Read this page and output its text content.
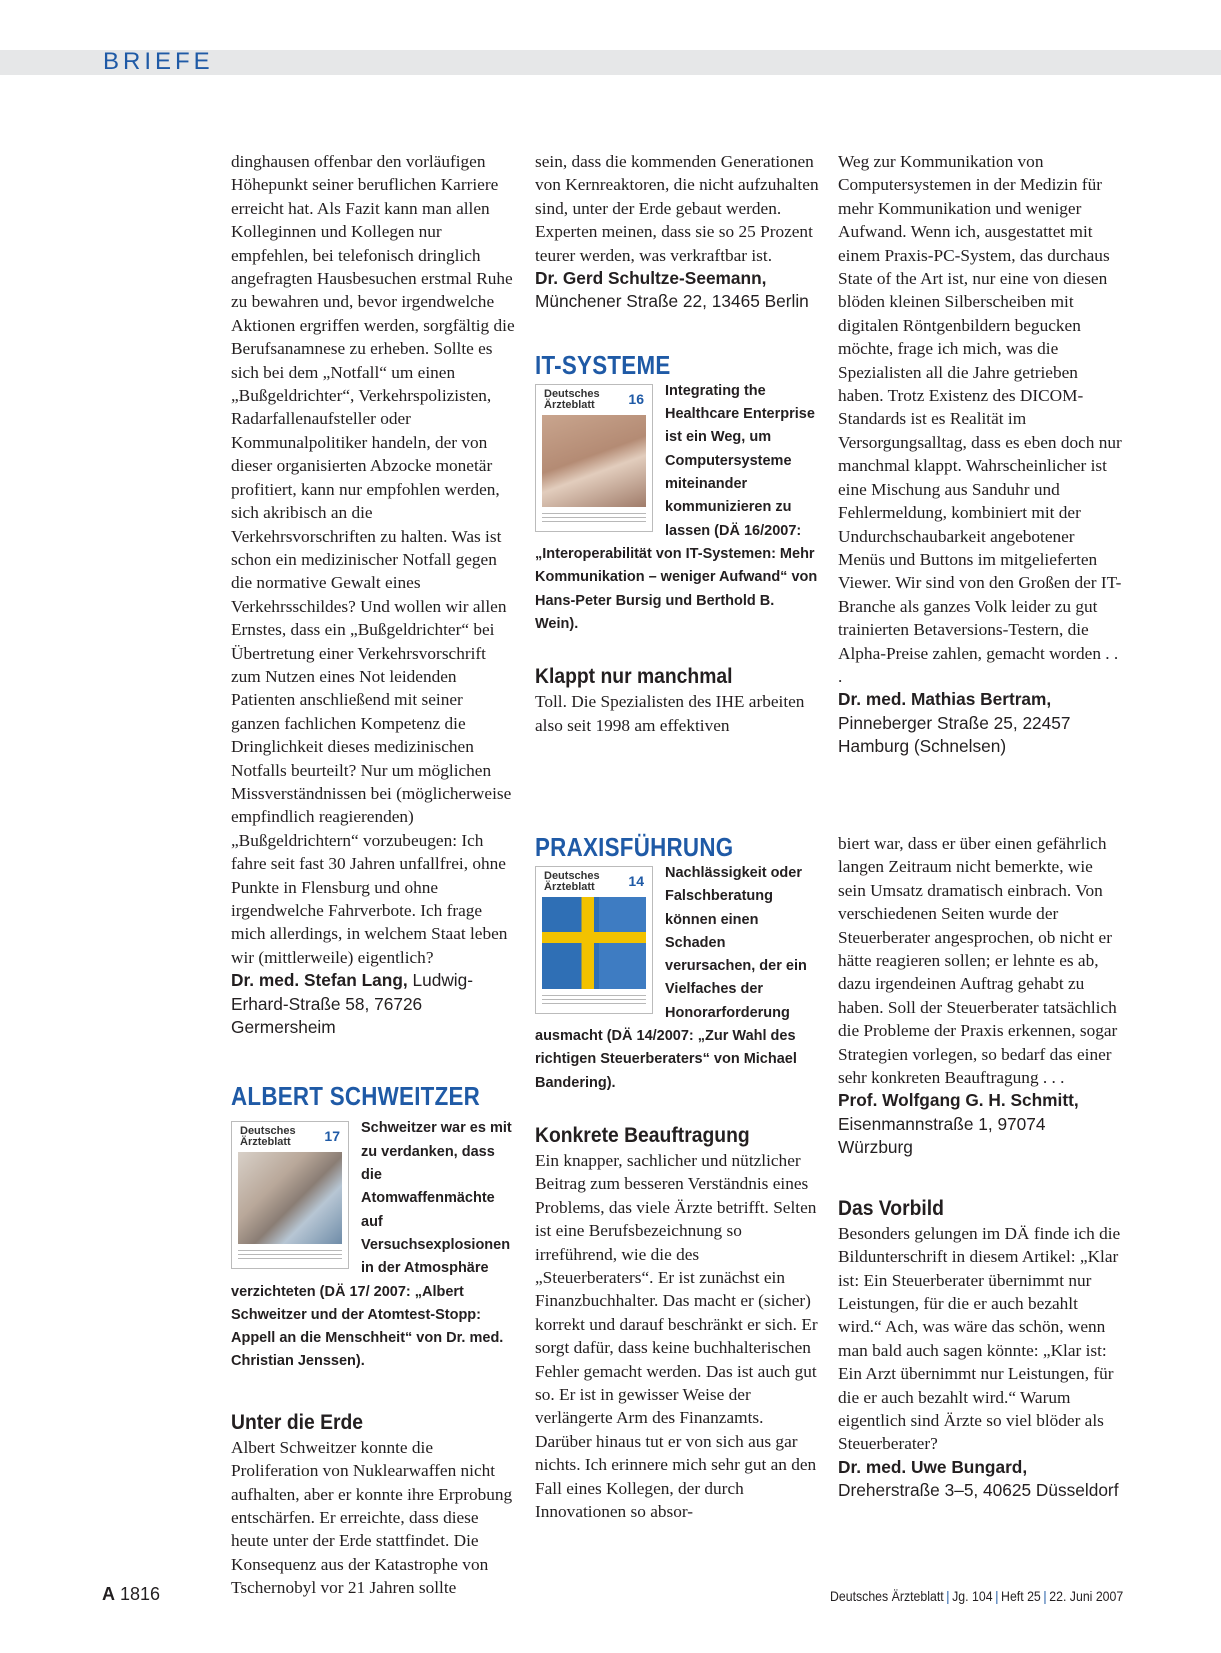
BRIEFE

dinghausen offenbar den vorläufigen Höhepunkt seiner beruflichen Karriere erreicht hat. Als Fazit kann man allen Kolleginnen und Kollegen nur empfehlen, bei telefonisch dringlich angefragten Hausbesuchen erstmal Ruhe zu bewahren und, bevor irgendwelche Aktionen ergriffen werden, sorgfältig die Berufsanamnese zu erheben. Sollte es sich bei dem „Notfall“ um einen „Bußgeldrichter“, Verkehrspolizisten, Radarfallenaufsteller oder Kommunalpolitiker handeln, der von dieser organisierten Abzocke monetär profitiert, kann nur empfohlen werden, sich akribisch an die Verkehrsvorschriften zu halten. Was ist schon ein medizinischer Notfall gegen die normative Gewalt eines Verkehrsschildes? Und wollen wir allen Ernstes, dass ein „Bußgeldrichter“ bei Übertretung einer Verkehrsvorschrift zum Nutzen eines Not leidenden Patienten anschließend mit seiner ganzen fachlichen Kompetenz die Dringlichkeit dieses medizinischen Notfalls beurteilt? Nur um möglichen Missverständnissen bei (möglicherweise empfindlich reagierenden) „Bußgeldrichtern“ vorzubeugen: Ich fahre seit fast 30 Jahren unfallfrei, ohne Punkte in Flensburg und ohne irgendwelche Fahrverbote. Ich frage mich allerdings, in welchem Staat leben wir (mittlerweile) eigentlich?

Dr. med. Stefan Lang, Ludwig-Erhard-Straße 58, 76726 Germersheim

ALBERT SCHWEITZER
Deutsches
Ärzteblatt	17	Schweitzer war es mit zu verdanken, dass die Atomwaffenmächte auf Versuchsexplosionen in der Atmosphäre verzichteten (DÄ 17/ 2007: „Albert Schweitzer und der Atomtest-Stopp: Appell an die Menschheit“ von Dr. med. Christian Jenssen).
Unter die Erde

Albert Schweitzer konnte die Proliferation von Nuklearwaffen nicht aufhalten, aber er konnte ihre Erprobung entschärfen. Er erreichte, dass diese heute unter der Erde stattfindet. Die Konsequenz aus der Katastrophe von Tschernobyl vor 21 Jahren sollte

sein, dass die kommenden Generationen von Kernreaktoren, die nicht aufzuhalten sind, unter der Erde gebaut werden. Experten meinen, dass sie so 25 Prozent teurer werden, was verkraftbar ist.

Dr. Gerd Schultze-Seemann, Münchener Straße 22, 13465 Berlin

IT-SYSTEME
Deutsches
Ärzteblatt	16	Integrating the Healthcare Enterprise ist ein Weg, um Computersysteme miteinander kommunizieren zu lassen (DÄ 16/2007: „Interoperabilität von IT-Systemen: Mehr Kommunikation – weniger Aufwand“ von Hans-Peter Bursig und Berthold B. Wein).
Klappt nur manchmal

Toll. Die Spezialisten des IHE arbeiten also seit 1998 am effektiven

PRAXISFÜHRUNG
Deutsches
Ärzteblatt	14	Nachlässigkeit oder Falschberatung können einen Schaden verursachen, der ein Vielfaches der Honorarforderung ausmacht (DÄ 14/2007: „Zur Wahl des richtigen Steuerberaters“ von Michael Bandering).
Konkrete Beauftragung

Ein knapper, sachlicher und nützlicher Beitrag zum besseren Verständnis eines Problems, das viele Ärzte betrifft. Selten ist eine Berufsbezeichnung so irreführend, wie die des „Steuerberaters“. Er ist zunächst ein Finanzbuchhalter. Das macht er (sicher) korrekt und darauf beschränkt er sich. Er sorgt dafür, dass keine buchhalterischen Fehler gemacht werden. Das ist auch gut so. Er ist in gewisser Weise der verlängerte Arm des Finanzamts. Darüber hinaus tut er von sich aus gar nichts. Ich erinnere mich sehr gut an den Fall eines Kollegen, der durch Innovationen so absor-

Weg zur Kommunikation von Computersystemen in der Medizin für mehr Kommunikation und weniger Aufwand. Wenn ich, ausgestattet mit einem Praxis-PC-System, das durchaus State of the Art ist, nur eine von diesen blöden kleinen Silberscheiben mit digitalen Röntgenbildern begucken möchte, frage ich mich, was die Spezialisten all die Jahre getrieben haben. Trotz Existenz des DICOM-Standards ist es Realität im Versorgungsalltag, dass es eben doch nur manchmal klappt. Wahrscheinlicher ist eine Mischung aus Sanduhr und Fehlermeldung, kombiniert mit der Undurchschaubarkeit angebotener Menüs und Buttons im mitgelieferten Viewer. Wir sind von den Großen der IT-Branche als ganzes Volk leider zu gut trainierten Betaversions-Testern, die Alpha-Preise zahlen, gemacht worden . . .

Dr. med. Mathias Bertram, Pinneberger Straße 25, 22457 Hamburg (Schnelsen)

biert war, dass er über einen gefährlich langen Zeitraum nicht bemerkte, wie sein Umsatz dramatisch einbrach. Von verschiedenen Seiten wurde der Steuerberater angesprochen, ob nicht er hätte reagieren sollen; er lehnte es ab, dazu irgendeinen Auftrag gehabt zu haben. Soll der Steuerberater tatsächlich die Probleme der Praxis erkennen, sogar Strategien vorlegen, so bedarf das einer sehr konkreten Beauftragung . . .

Prof. Wolfgang G. H. Schmitt, Eisenmannstraße 1, 97074 Würzburg

Das Vorbild

Besonders gelungen im DÄ finde ich die Bildunterschrift in diesem Artikel: „Klar ist: Ein Steuerberater übernimmt nur Leistungen, für die er auch bezahlt wird.“ Ach, was wäre das schön, wenn man bald auch sagen könnte: „Klar ist: Ein Arzt übernimmt nur Leistungen, für die er auch bezahlt wird.“ Warum eigentlich sind Ärzte so viel blöder als Steuerberater?

Dr. med. Uwe Bungard, Dreherstraße 3–5, 40625 Düsseldorf

A 1816	Deutsches Ärzteblatt | Jg. 104 | Heft 25 | 22. Juni 2007
